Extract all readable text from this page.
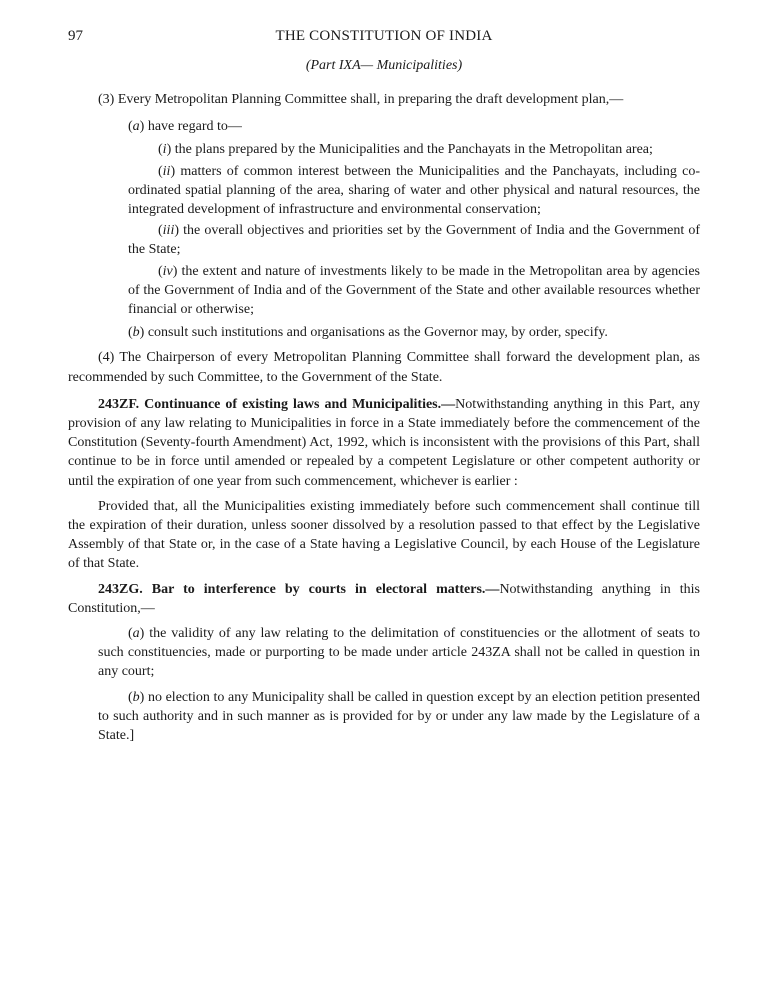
97	THE CONSTITUTION OF INDIA
(Part IXA— Municipalities)

(3) Every Metropolitan Planning Committee shall, in preparing the draft development plan,—

(a) have regard to—

(i) the plans prepared by the Municipalities and the Panchayats in the Metropolitan area;

(ii) matters of common interest between the Municipalities and the Panchayats, including co-ordinated spatial planning of the area, sharing of water and other physical and natural resources, the integrated development of infrastructure and environmental conservation;

(iii) the overall objectives and priorities set by the Government of India and the Government of the State;

(iv) the extent and nature of investments likely to be made in the Metropolitan area by agencies of the Government of India and of the Government of the State and other available resources whether financial or otherwise;

(b) consult such institutions and organisations as the Governor may, by order, specify.

(4) The Chairperson of every Metropolitan Planning Committee shall forward the development plan, as recommended by such Committee, to the Government of the State.

243ZF. Continuance of existing laws and Municipalities.—Notwithstanding anything in this Part, any provision of any law relating to Municipalities in force in a State immediately before the commencement of the Constitution (Seventy-fourth Amendment) Act, 1992, which is inconsistent with the provisions of this Part, shall continue to be in force until amended or repealed by a competent Legislature or other competent authority or until the expiration of one year from such commencement, whichever is earlier :

Provided that, all the Municipalities existing immediately before such commencement shall continue till the expiration of their duration, unless sooner dissolved by a resolution passed to that effect by the Legislative Assembly of that State or, in the case of a State having a Legislative Council, by each House of the Legislature of that State.

243ZG. Bar to interference by courts in electoral matters.—Notwithstanding anything in this Constitution,—

(a) the validity of any law relating to the delimitation of constituencies or the allotment of seats to such constituencies, made or purporting to be made under article 243ZA shall not be called in question in any court;

(b) no election to any Municipality shall be called in question except by an election petition presented to such authority and in such manner as is provided for by or under any law made by the Legislature of a State.]
